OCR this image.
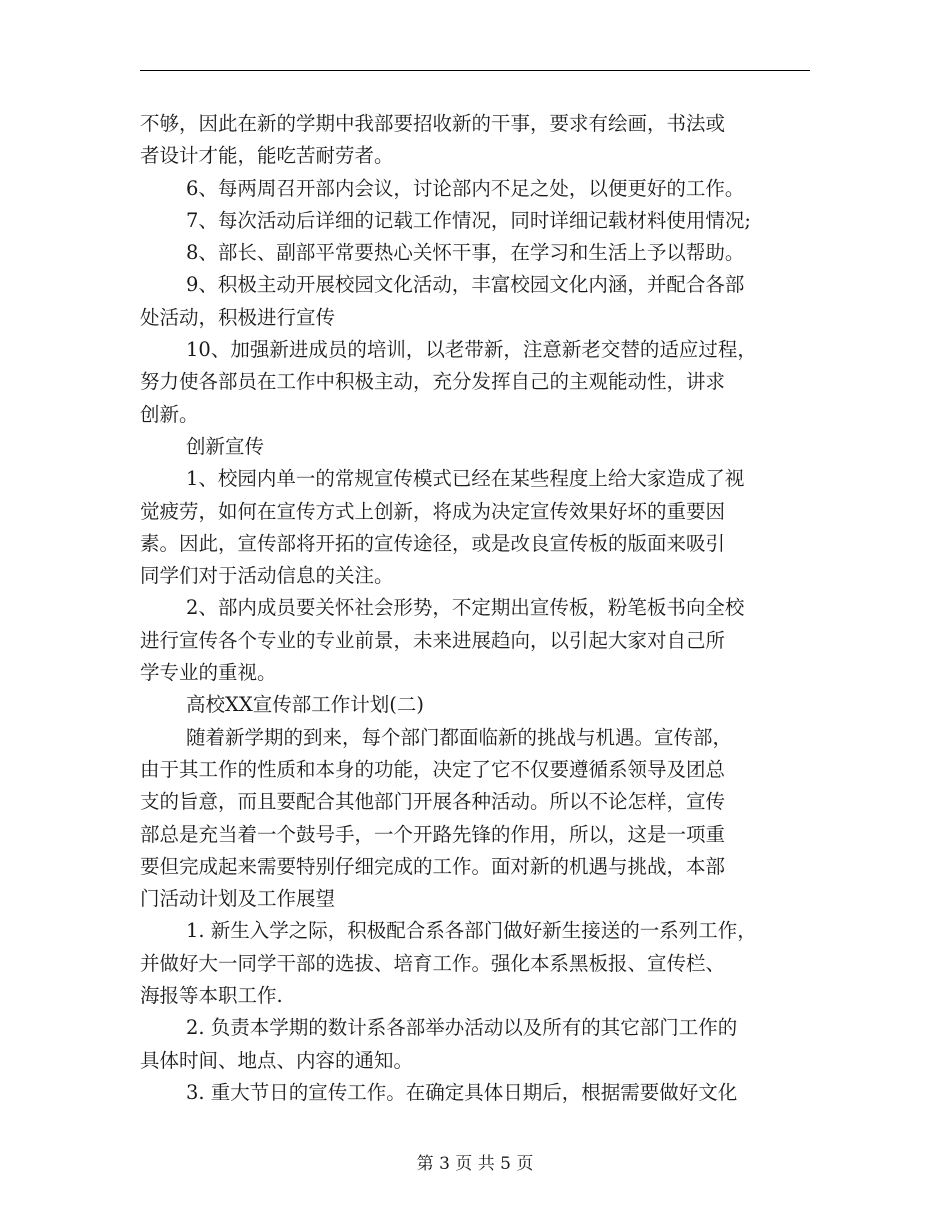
不够，因此在新的学期中我部要招收新的干事，要求有绘画，书法或
者设计才能，能吃苦耐劳者。
6、每两周召开部内会议，讨论部内不足之处，以便更好的工作。
7、每次活动后详细的记载工作情况，同时详细记载材料使用情况;
8、部长、副部平常要热心关怀干事，在学习和生活上予以帮助。
9、积极主动开展校园文化活动，丰富校园文化内涵，并配合各部
处活动，积极进行宣传
10、加强新进成员的培训，以老带新，注意新老交替的适应过程，
努力使各部员在工作中积极主动，充分发挥自己的主观能动性，讲求
创新。
创新宣传
1、校园内单一的常规宣传模式已经在某些程度上给大家造成了视
觉疲劳，如何在宣传方式上创新，将成为决定宣传效果好坏的重要因
素。因此，宣传部将开拓的宣传途径，或是改良宣传板的版面来吸引
同学们对于活动信息的关注。
2、部内成员要关怀社会形势，不定期出宣传板，粉笔板书向全校
进行宣传各个专业的专业前景，未来进展趋向，以引起大家对自己所
学专业的重视。
高校XX宣传部工作计划(二)
随着新学期的到来，每个部门都面临新的挑战与机遇。宣传部，
由于其工作的性质和本身的功能，决定了它不仅要遵循系领导及团总
支的旨意，而且要配合其他部门开展各种活动。所以不论怎样，宣传
部总是充当着一个鼓号手，一个开路先锋的作用，所以，这是一项重
要但完成起来需要特别仔细完成的工作。面对新的机遇与挑战，本部
门活动计划及工作展望
1. 新生入学之际，积极配合系各部门做好新生接送的一系列工作，
并做好大一同学干部的选拔、培育工作。强化本系黑板报、宣传栏、
海报等本职工作.
2. 负责本学期的数计系各部举办活动以及所有的其它部门工作的
具体时间、地点、内容的通知。
3. 重大节日的宣传工作。在确定具体日期后，根据需要做好文化
第 3 页 共 5 页
